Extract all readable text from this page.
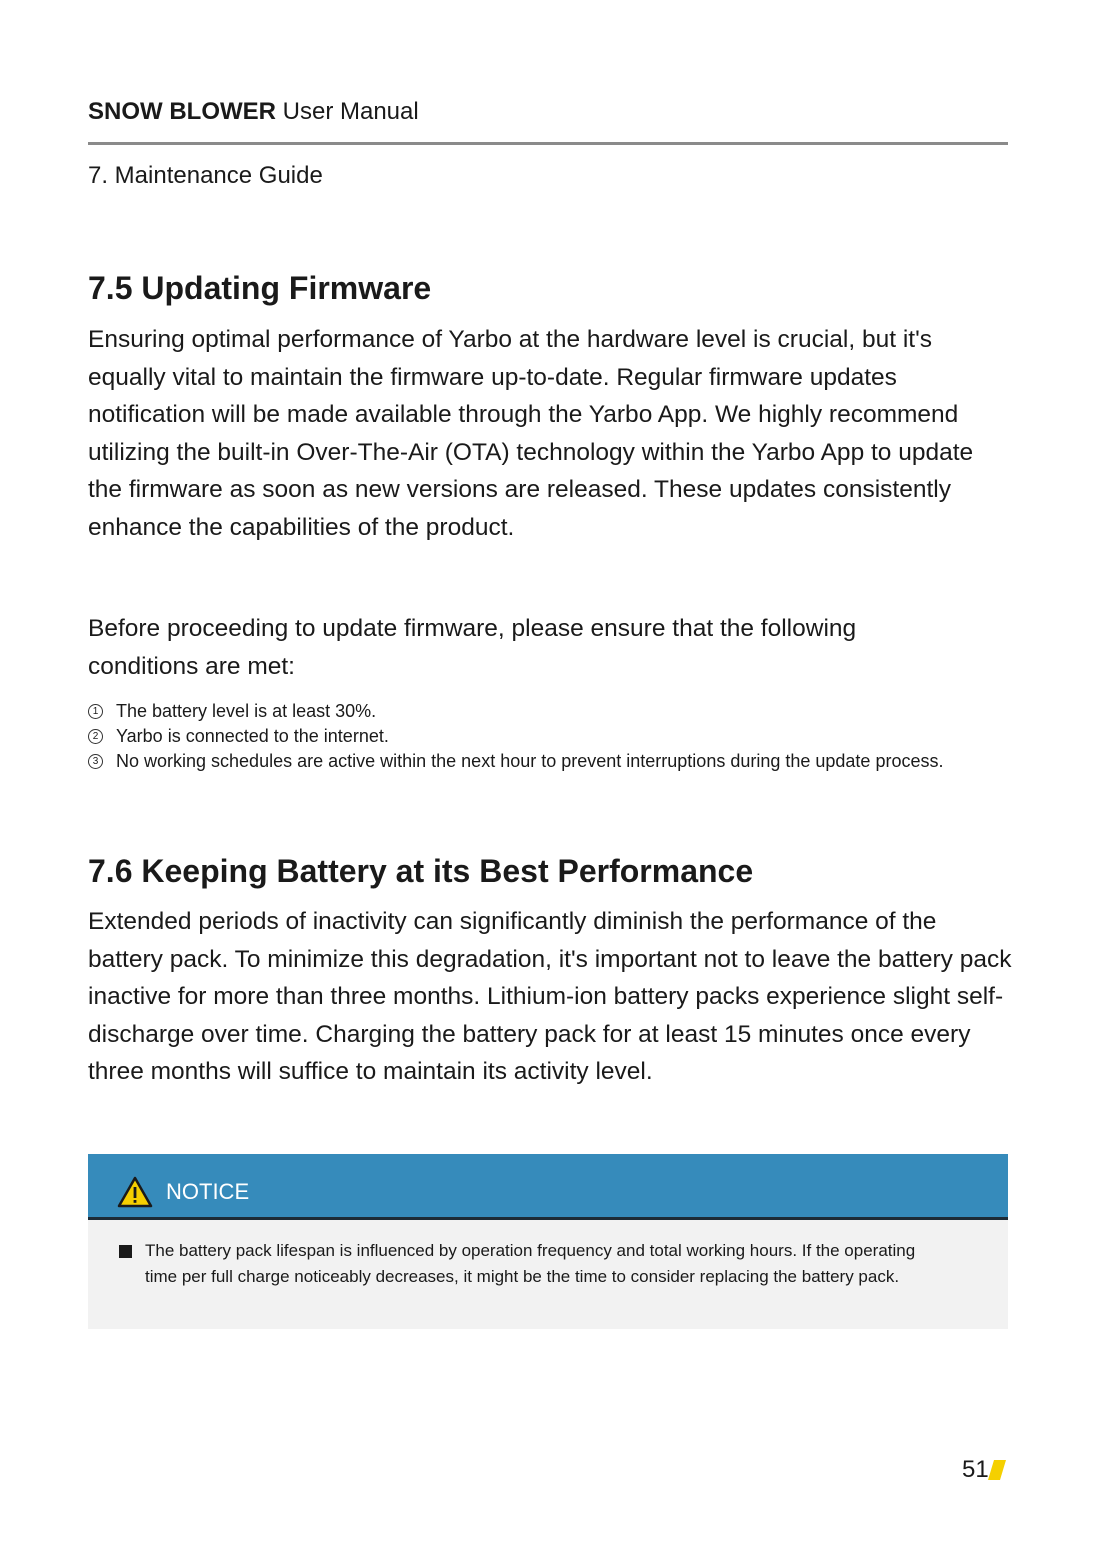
SNOW BLOWER User Manual
7. Maintenance Guide
7.5 Updating Firmware

Ensuring optimal performance of Yarbo at the hardware level is crucial, but it's equally vital to maintain the firmware up-to-date. Regular firmware updates notification will be made available through the Yarbo App. We highly recommend utilizing the built-in Over-The-Air (OTA) technology within the Yarbo App to update the firmware as soon as new versions are released. These updates consistently enhance the capabilities of the product.

Before proceeding to update firmware, please ensure that the following conditions are met:

1 The battery level is at least 30%.
2 Yarbo is connected to the internet.
3 No working schedules are active within the next hour to prevent interruptions during the update process.
7.6 Keeping Battery at its Best Performance

Extended periods of inactivity can significantly diminish the performance of the battery pack. To minimize this degradation, it's important not to leave the battery pack inactive for more than three months. Lithium-ion battery packs experience slight self-discharge over time. Charging the battery pack for at least 15 minutes once every three months will suffice to maintain its activity level.

NOTICE

The battery pack lifespan is influenced by operation frequency and total working hours. If the operating time per full charge noticeably decreases, it might be the time to consider replacing the battery pack.

51
